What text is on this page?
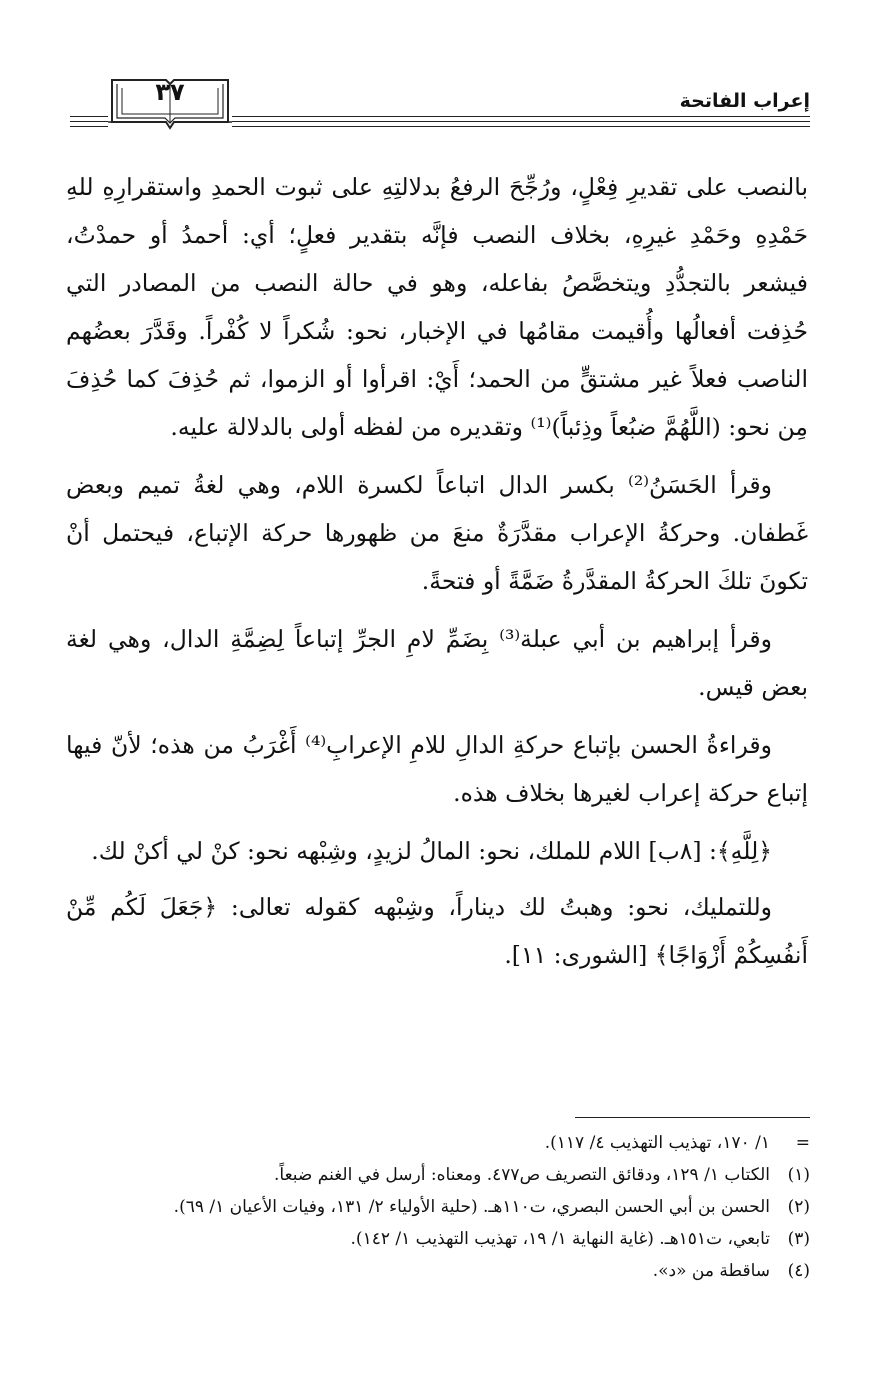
إعراب الفاتحة
٣٧

بالنصب على تقديرِ فِعْلٍ، ورُجِّحَ الرفعُ بدلالتِهِ على ثبوت الحمدِ واستقرارِهِ للهِ حَمْدِهِ وحَمْدِ غيرِهِ، بخلاف النصب فإنَّه بتقدير فعلٍ؛ أي: أحمدُ أو حمدْتُ، فيشعر بالتجدُّدِ ويتخصَّصُ بفاعله، وهو في حالة النصب من المصادر التي حُذِفت أفعالُها وأُقيمت مقامُها في الإخبار، نحو: شُكراً لا كُفْراً. وقَدَّرَ بعضُهم الناصب فعلاً غير مشتقٍّ من الحمد؛ أَيْ: اقرأوا أو الزموا، ثم حُذِفَ كما حُذِفَ مِن نحو: (اللَّهُمَّ ضبُعاً وذِئباً)⁽¹⁾ وتقديره من لفظه أولى بالدلالة عليه.

وقرأ الحَسَنُ⁽²⁾ بكسر الدال اتباعاً لكسرة اللام، وهي لغةُ تميم وبعض غَطفان. وحركةُ الإعراب مقدَّرَةٌ منعَ من ظهورها حركة الإتباع، فيحتمل أنْ تكونَ تلكَ الحركةُ المقدَّرةُ ضَمَّةً أو فتحةً.

وقرأ إبراهيم بن أبي عبلة⁽³⁾ بِضَمِّ لامِ الجرِّ إتباعاً لِضِمَّةِ الدال، وهي لغة بعض قيس.

وقراءةُ الحسن بإتباع حركةِ الدالِ للامِ الإعرابِ⁽⁴⁾ أَغْرَبُ من هذه؛ لأنّ فيها إتباع حركة إعراب لغيرها بخلاف هذه.

﴿لِلَّهِ﴾: [٨ب] اللام للملك، نحو: المالُ لزيدٍ، وشِبْهه نحو: كنْ لي أكنْ لك.

وللتمليك، نحو: وهبتُ لك ديناراً، وشِبْهه كقوله تعالى: ﴿جَعَلَ لَكُم مِّنْ أَنفُسِكُمْ أَزْوَاجًا﴾ [الشورى: ١١].

=
١/ ١٧٠، تهذيب التهذيب ٤/ ١١٧).
(١)
الكتاب ١/ ١٢٩، ودقائق التصريف ص٤٧٧. ومعناه: أرسل في الغنم ضبعاً.
(٢)
الحسن بن أبي الحسن البصري، ت١١٠هـ. (حلية الأولياء ٢/ ١٣١، وفيات الأعيان ١/ ٦٩).
(٣)
تابعي، ت١٥١هـ. (غاية النهاية ١/ ١٩، تهذيب التهذيب ١/ ١٤٢).
(٤)
ساقطة من «د».
